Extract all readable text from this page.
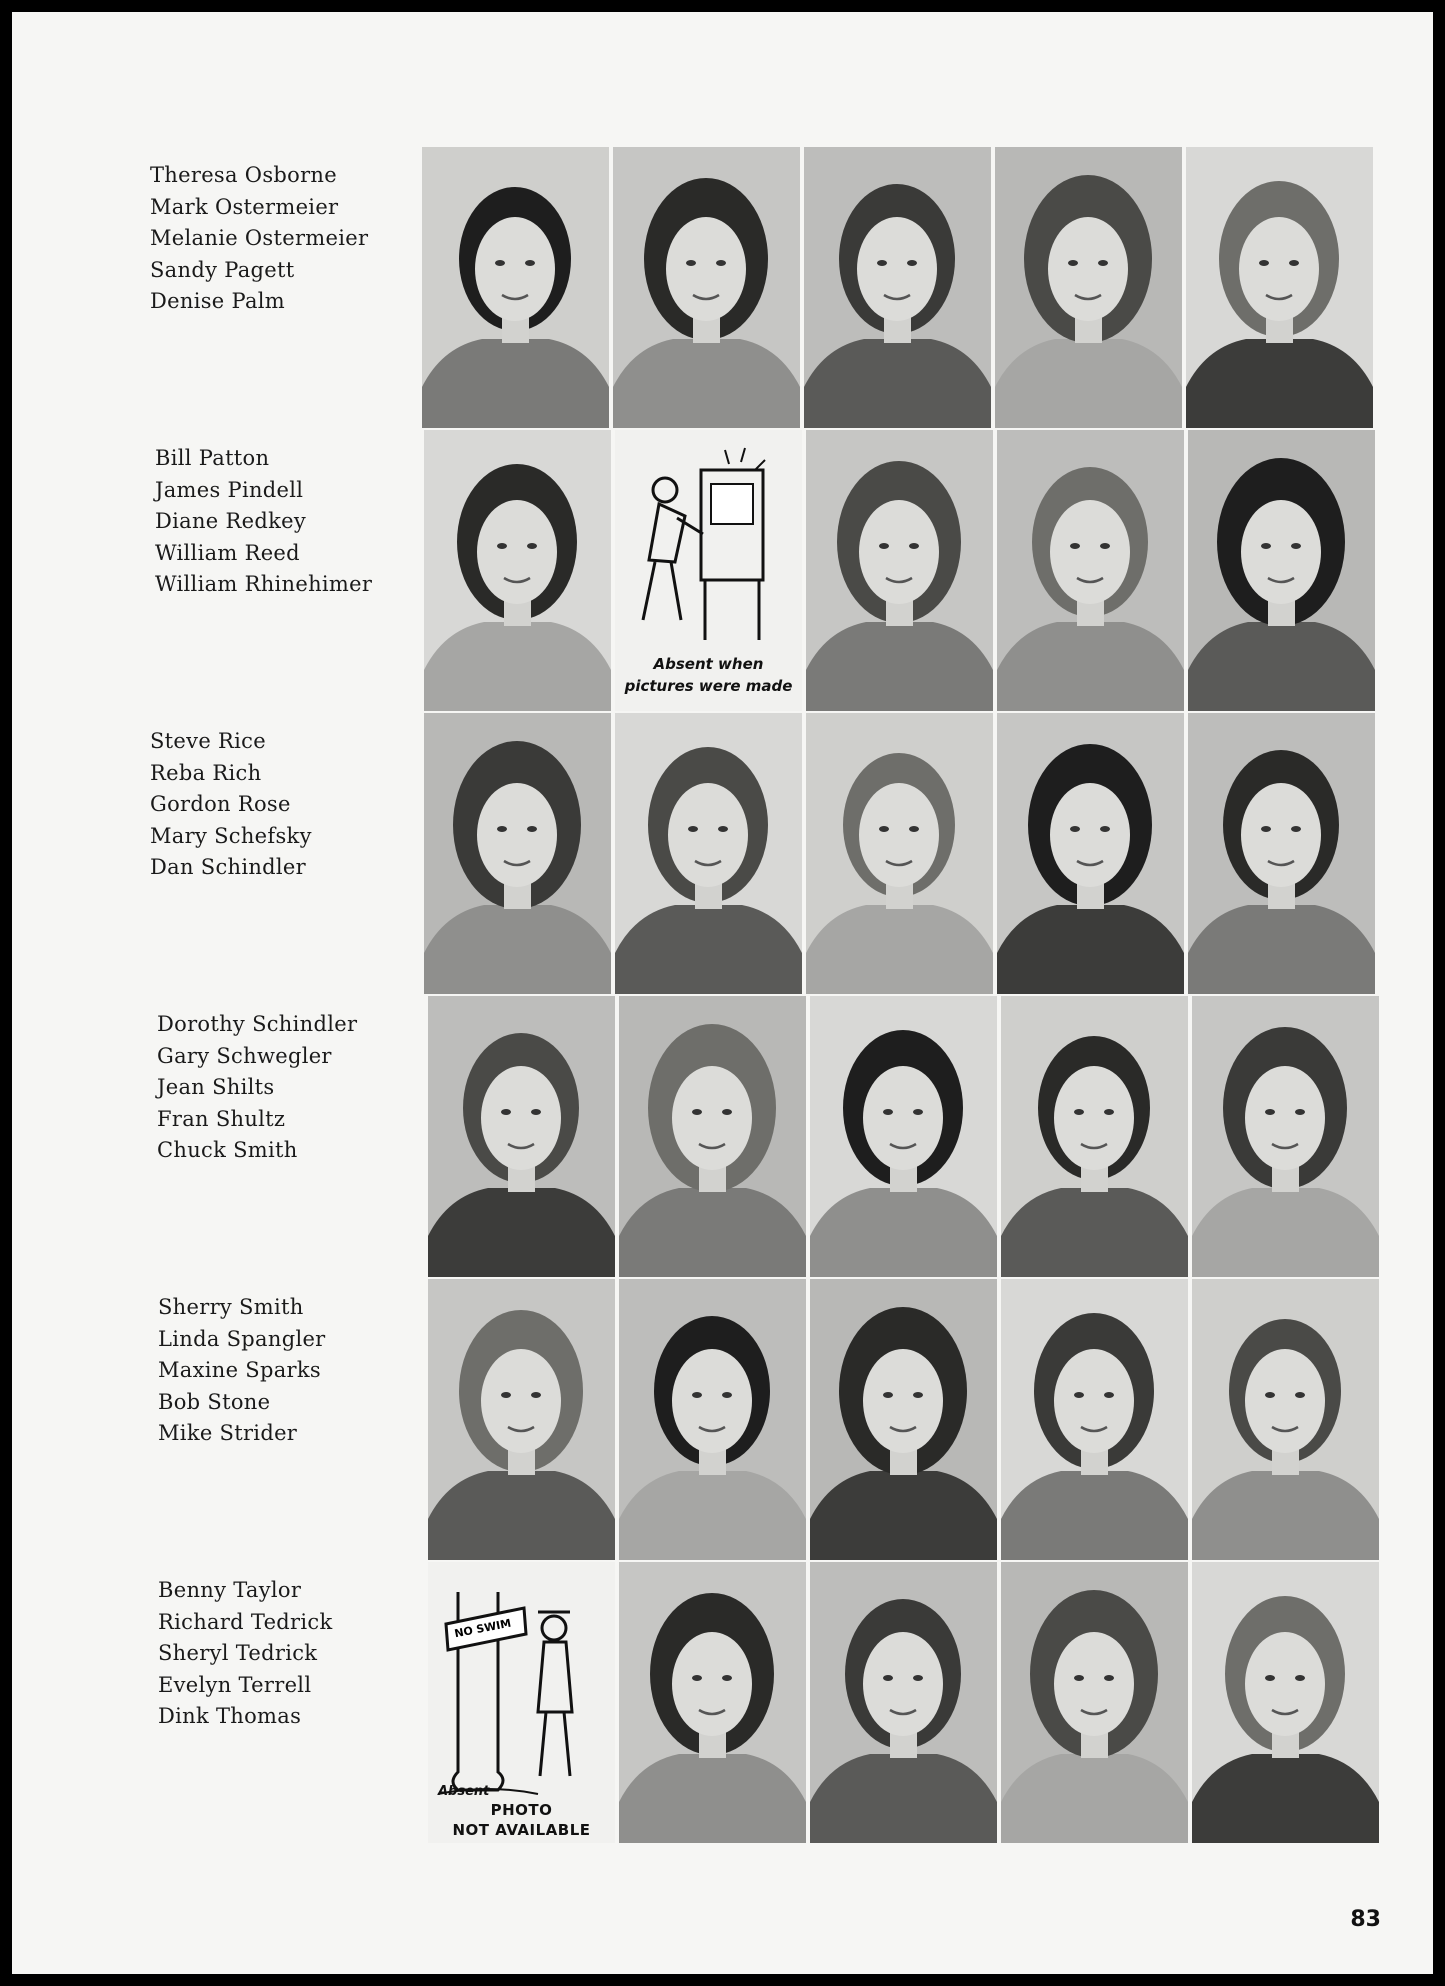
Theresa Osborne
Mark Ostermeier
Melanie Ostermeier
Sandy Pagett
Denise Palm
Bill Patton
James Pindell
Diane Redkey
William Reed
William Rhinehimer
Steve Rice
Reba Rich
Gordon Rose
Mary Schefsky
Dan Schindler
Dorothy Schindler
Gary Schwegler
Jean Shilts
Fran Shultz
Chuck Smith
Sherry Smith
Linda Spangler
Maxine Sparks
Bob Stone
Mike Strider
Benny Taylor
Richard Tedrick
Sheryl Tedrick
Evelyn Terrell
Dink Thomas
Absent when
pictures were made
NO SWIM
Absent
PHOTO
NOT AVAILABLE
83
